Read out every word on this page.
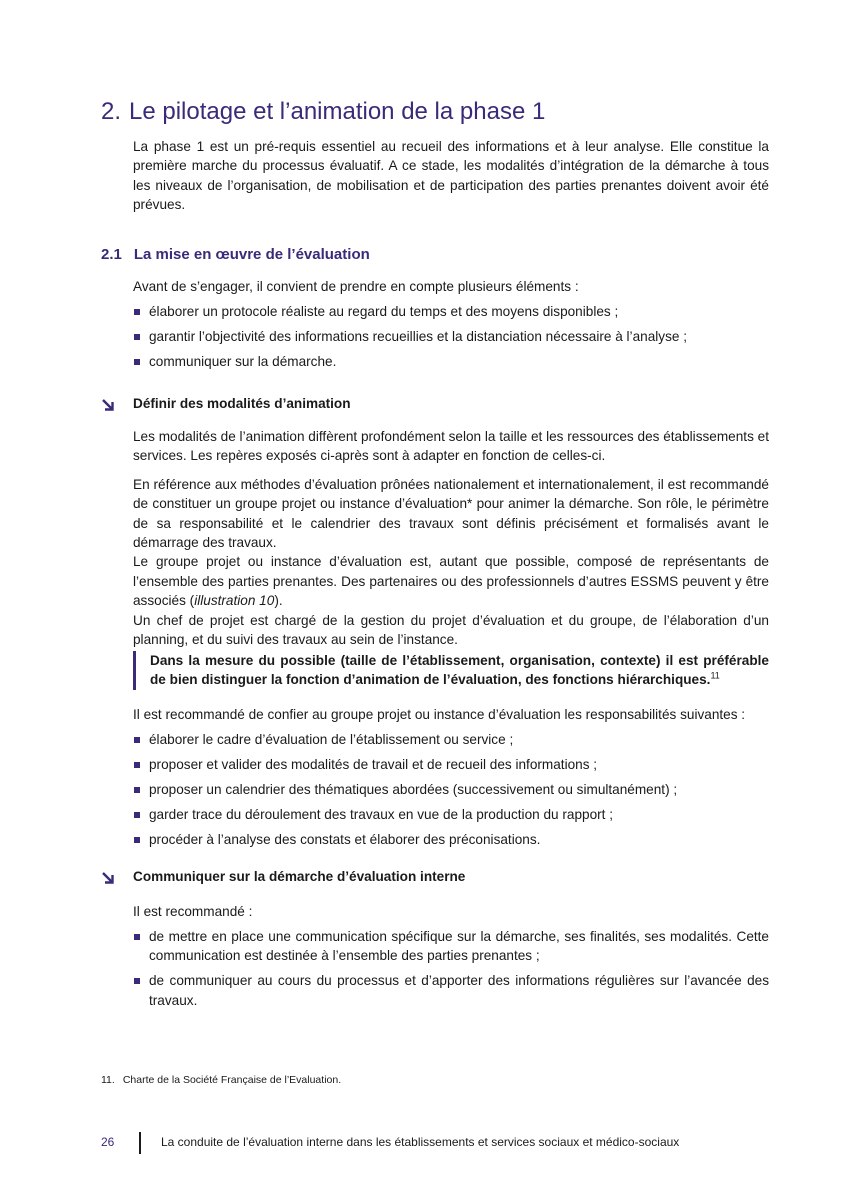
2. Le pilotage et l’animation de la phase 1

La phase 1 est un pré-requis essentiel au recueil des informations et à leur analyse. Elle constitue la première marche du processus évaluatif. A ce stade, les modalités d’intégration de la démarche à tous les niveaux de l’organisation, de mobilisation et de participation des parties prenantes doivent avoir été prévues.

2.1 La mise en œuvre de l’évaluation

Avant de s’engager, il convient de prendre en compte plusieurs éléments :

élaborer un protocole réaliste au regard du temps et des moyens disponibles ;
garantir l’objectivité des informations recueillies et la distanciation nécessaire à l’analyse ;
communiquer sur la démarche.
Définir des modalités d’animation

Les modalités de l’animation diffèrent profondément selon la taille et les ressources des établissements et services. Les repères exposés ci-après sont à adapter en fonction de celles-ci.

En référence aux méthodes d’évaluation prônées nationalement et internationalement, il est recommandé de constituer un groupe projet ou instance d’évaluation* pour animer la démarche. Son rôle, le périmètre de sa responsabilité et le calendrier des travaux sont définis précisément et formalisés avant le démarrage des travaux.

Le groupe projet ou instance d’évaluation est, autant que possible, composé de représentants de l’ensemble des parties prenantes. Des partenaires ou des professionnels d’autres ESSMS peuvent y être associés (illustration 10).

Un chef de projet est chargé de la gestion du projet d’évaluation et du groupe, de l’élaboration d’un planning, et du suivi des travaux au sein de l’instance.

Dans la mesure du possible (taille de l’établissement, organisation, contexte) il est préférable de bien distinguer la fonction d’animation de l’évaluation, des fonctions hiérarchiques.$^{11}$

Il est recommandé de confier au groupe projet ou instance d’évaluation les responsabilités suivantes :

élaborer le cadre d’évaluation de l’établissement ou service ;
proposer et valider des modalités de travail et de recueil des informations ;
proposer un calendrier des thématiques abordées (successivement ou simultanément) ;
garder trace du déroulement des travaux en vue de la production du rapport ;
procéder à l’analyse des constats et élaborer des préconisations.
Communiquer sur la démarche d’évaluation interne

Il est recommandé :

de mettre en place une communication spécifique sur la démarche, ses finalités, ses modalités. Cette communication est destinée à l’ensemble des parties prenantes ;
de communiquer au cours du processus et d’apporter des informations régulières sur l’avancée des travaux.
11. Charte de la Société Française de l’Evaluation.
26	La conduite de l’évaluation interne dans les établissements et services sociaux et médico-sociaux
